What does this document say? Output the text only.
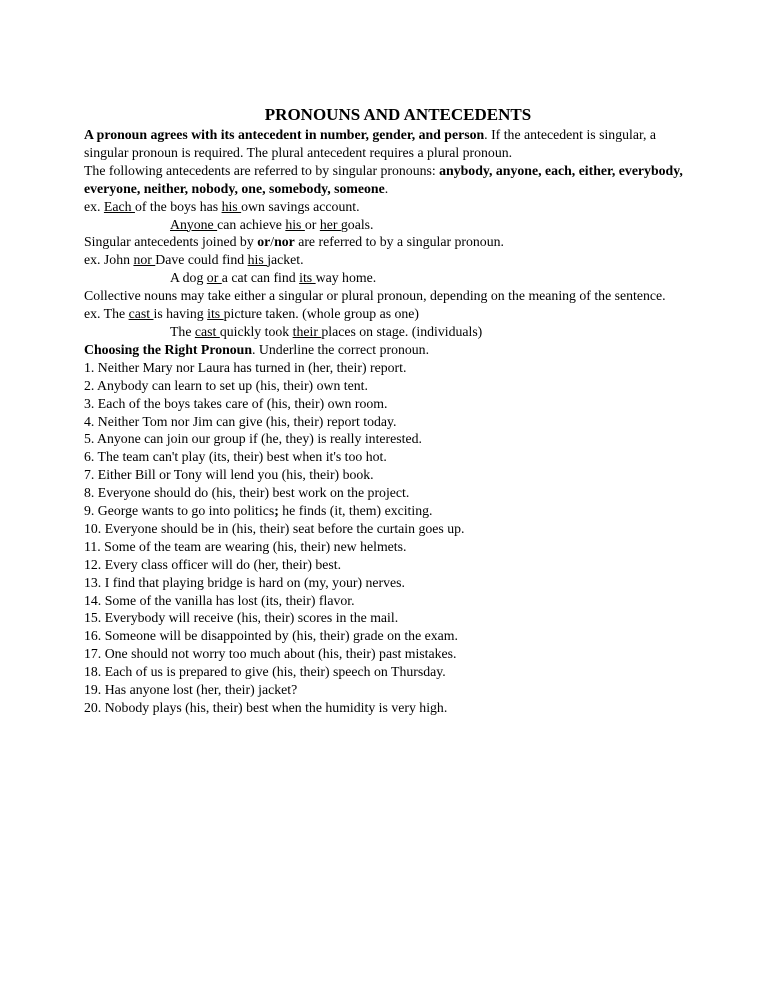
PRONOUNS AND ANTECEDENTS

A pronoun agrees with its antecedent in number, gender, and person. If the antecedent is singular, a singular pronoun is required. The plural antecedent requires a plural pronoun.

The following antecedents are referred to by singular pronouns: anybody, anyone, each, either, everybody, everyone, neither, nobody, one, somebody, someone.

ex. Each of the boys has his own savings account.

Anyone can achieve his or her goals.

Singular antecedents joined by or/nor are referred to by a singular pronoun.

ex. John nor Dave could find his jacket.

A dog or a cat can find its way home.

Collective nouns may take either a singular or plural pronoun, depending on the meaning of the sentence.

ex. The cast is having its picture taken. (whole group as one)

The cast quickly took their places on stage. (individuals)

Choosing the Right Pronoun. Underline the correct pronoun.

1. Neither Mary nor Laura has turned in (her, their) report.

2. Anybody can learn to set up (his, their) own tent.

3. Each of the boys takes care of (his, their) own room.

4. Neither Tom nor Jim can give (his, their) report today.

5. Anyone can join our group if (he, they) is really interested.

6. The team can't play (its, their) best when it's too hot.

7. Either Bill or Tony will lend you (his, their) book.

8. Everyone should do (his, their) best work on the project.

9. George wants to go into politics; he finds (it, them) exciting.

10. Everyone should be in (his, their) seat before the curtain goes up.

11. Some of the team are wearing (his, their) new helmets.

12. Every class officer will do (her, their) best.

13. I find that playing bridge is hard on (my, your) nerves.

14. Some of the vanilla has lost (its, their) flavor.

15. Everybody will receive (his, their) scores in the mail.

16. Someone will be disappointed by (his, their) grade on the exam.

17. One should not worry too much about (his, their) past mistakes.

18. Each of us is prepared to give (his, their) speech on Thursday.

19. Has anyone lost (her, their) jacket?

20. Nobody plays (his, their) best when the humidity is very high.
